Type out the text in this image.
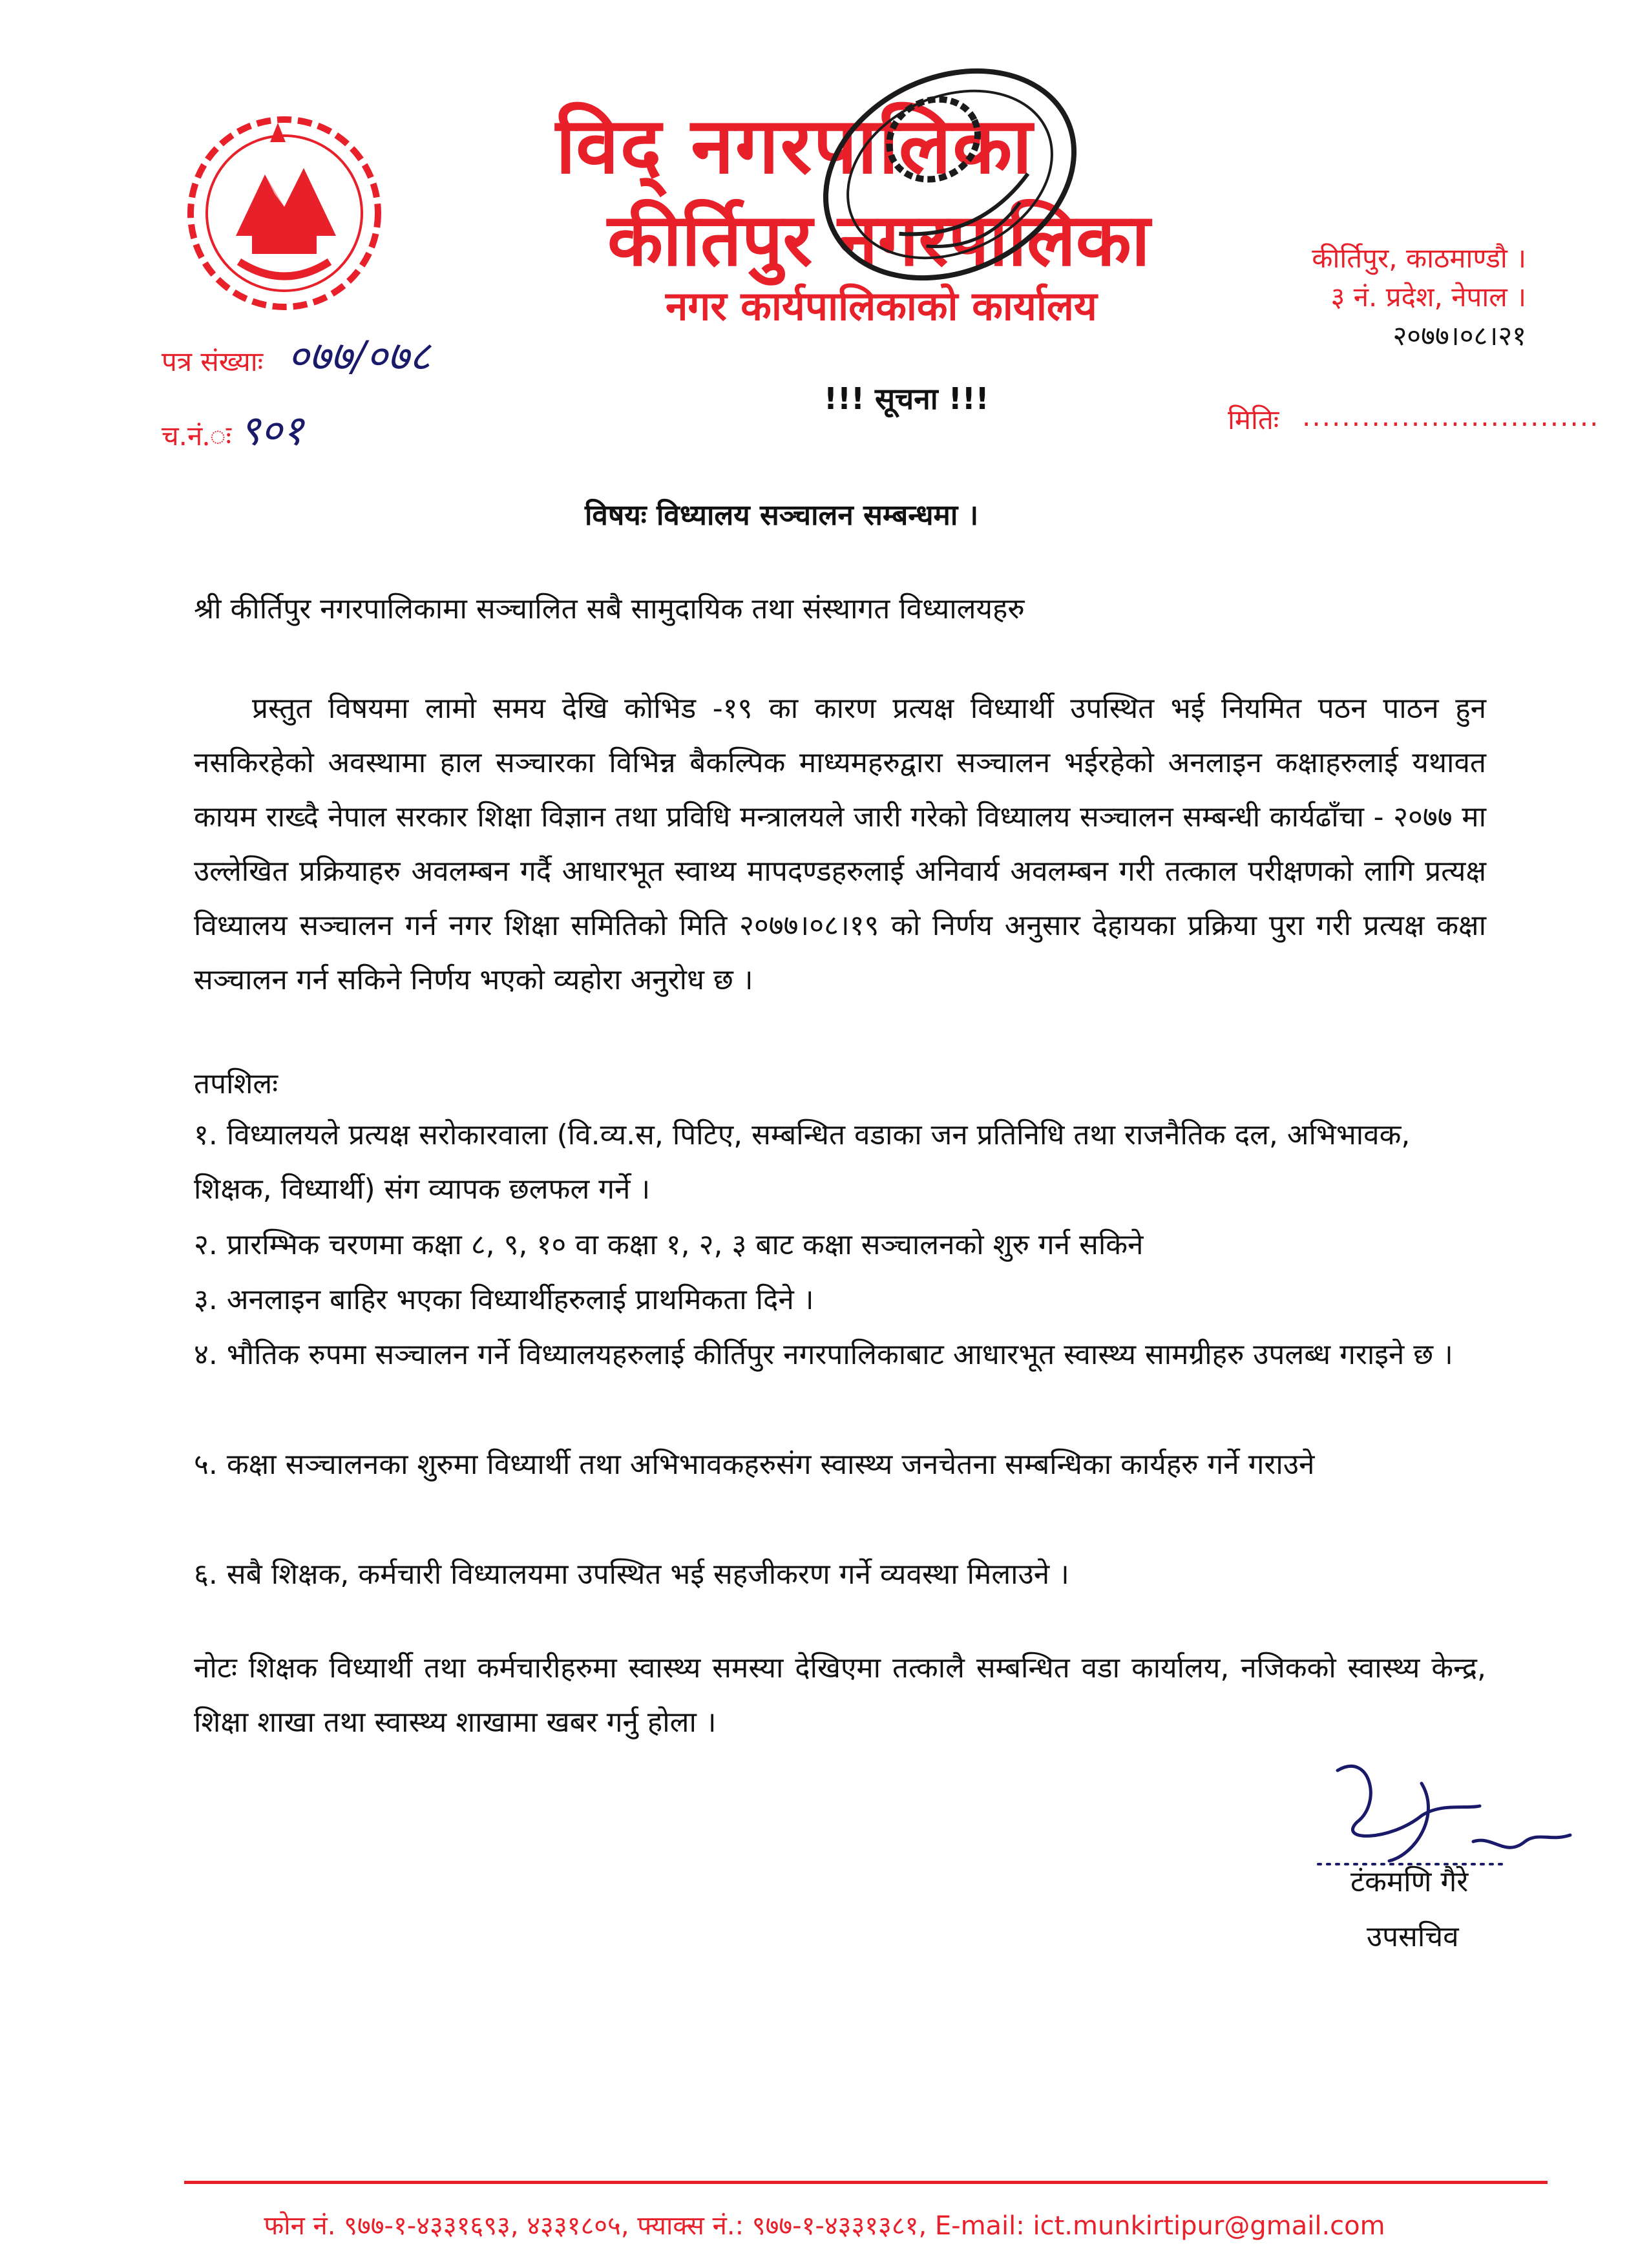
विद् नगरपालिका
कीर्तिपुर नगरपालिका
नगर कार्यपालिकाको कार्यालय
कीर्तिपुर, काठमाण्डौ ।
३ नं. प्रदेश, नेपाल ।
२०७७।०८।२१
पत्र संख्याः ०७७/०७८
च.नं.ः ९०१
!!! सूचना !!!
मितिः ..............................
विषयः विध्यालय सञ्चालन सम्बन्धमा ।
श्री कीर्तिपुर नगरपालिकामा सञ्चालित सबै सामुदायिक तथा संस्थागत विध्यालयहरु

प्रस्तुत विषयमा लामो समय देखि कोभिड -१९ का कारण प्रत्यक्ष विध्यार्थी उपस्थित भई नियमित पठन पाठन हुन नसकिरहेको अवस्थामा हाल सञ्चारका विभिन्न बैकल्पिक माध्यमहरुद्वारा सञ्चालन भईरहेको अनलाइन कक्षाहरुलाई यथावत कायम राख्दै नेपाल सरकार शिक्षा विज्ञान तथा प्रविधि मन्त्रालयले जारी गरेको विध्यालय सञ्चालन सम्बन्धी कार्यढाँचा - २०७७ मा उल्लेखित प्रक्रियाहरु अवलम्बन गर्दै आधारभूत स्वाथ्य मापदण्डहरुलाई अनिवार्य अवलम्बन गरी तत्काल परीक्षणको लागि प्रत्यक्ष विध्यालय सञ्चालन गर्न नगर शिक्षा समितिको मिति २०७७।०८।१९ को निर्णय अनुसार देहायका प्रक्रिया पुरा गरी प्रत्यक्ष कक्षा सञ्चालन गर्न सकिने निर्णय भएको व्यहोरा अनुरोध छ ।

तपशिलः

१. विध्यालयले प्रत्यक्ष सरोकारवाला (वि.व्य.स, पिटिए, सम्बन्धित वडाका जन प्रतिनिधि तथा राजनैतिक दल, अभिभावक, शिक्षक, विध्यार्थी) संग व्यापक छलफल गर्ने ।

२. प्रारम्भिक चरणमा कक्षा ८, ९, १० वा कक्षा १, २, ३ बाट कक्षा सञ्चालनको शुरु गर्न सकिने

३. अनलाइन बाहिर भएका विध्यार्थीहरुलाई प्राथमिकता दिने ।

४. भौतिक रुपमा सञ्चालन गर्ने विध्यालयहरुलाई कीर्तिपुर नगरपालिकाबाट आधारभूत स्वास्थ्य सामग्रीहरु उपलब्ध गराइने छ ।

५. कक्षा सञ्चालनका शुरुमा विध्यार्थी तथा अभिभावकहरुसंग स्वास्थ्य जनचेतना सम्बन्धिका कार्यहरु गर्ने गराउने

६. सबै शिक्षक, कर्मचारी विध्यालयमा उपस्थित भई सहजीकरण गर्ने व्यवस्था मिलाउने ।

नोटः शिक्षक विध्यार्थी तथा कर्मचारीहरुमा स्वास्थ्य समस्या देखिएमा तत्कालै सम्बन्धित वडा कार्यालय, नजिकको स्वास्थ्य केन्द्र, शिक्षा शाखा तथा स्वास्थ्य शाखामा खबर गर्नु होला ।

टंकमणि गैरे
उपसचिव
फोन नं. ९७७-१-४३३१६९३, ४३३१८०५, फ्याक्स नं.: ९७७-१-४३३१३८१, E-mail: ict.munkirtipur@gmail.com
